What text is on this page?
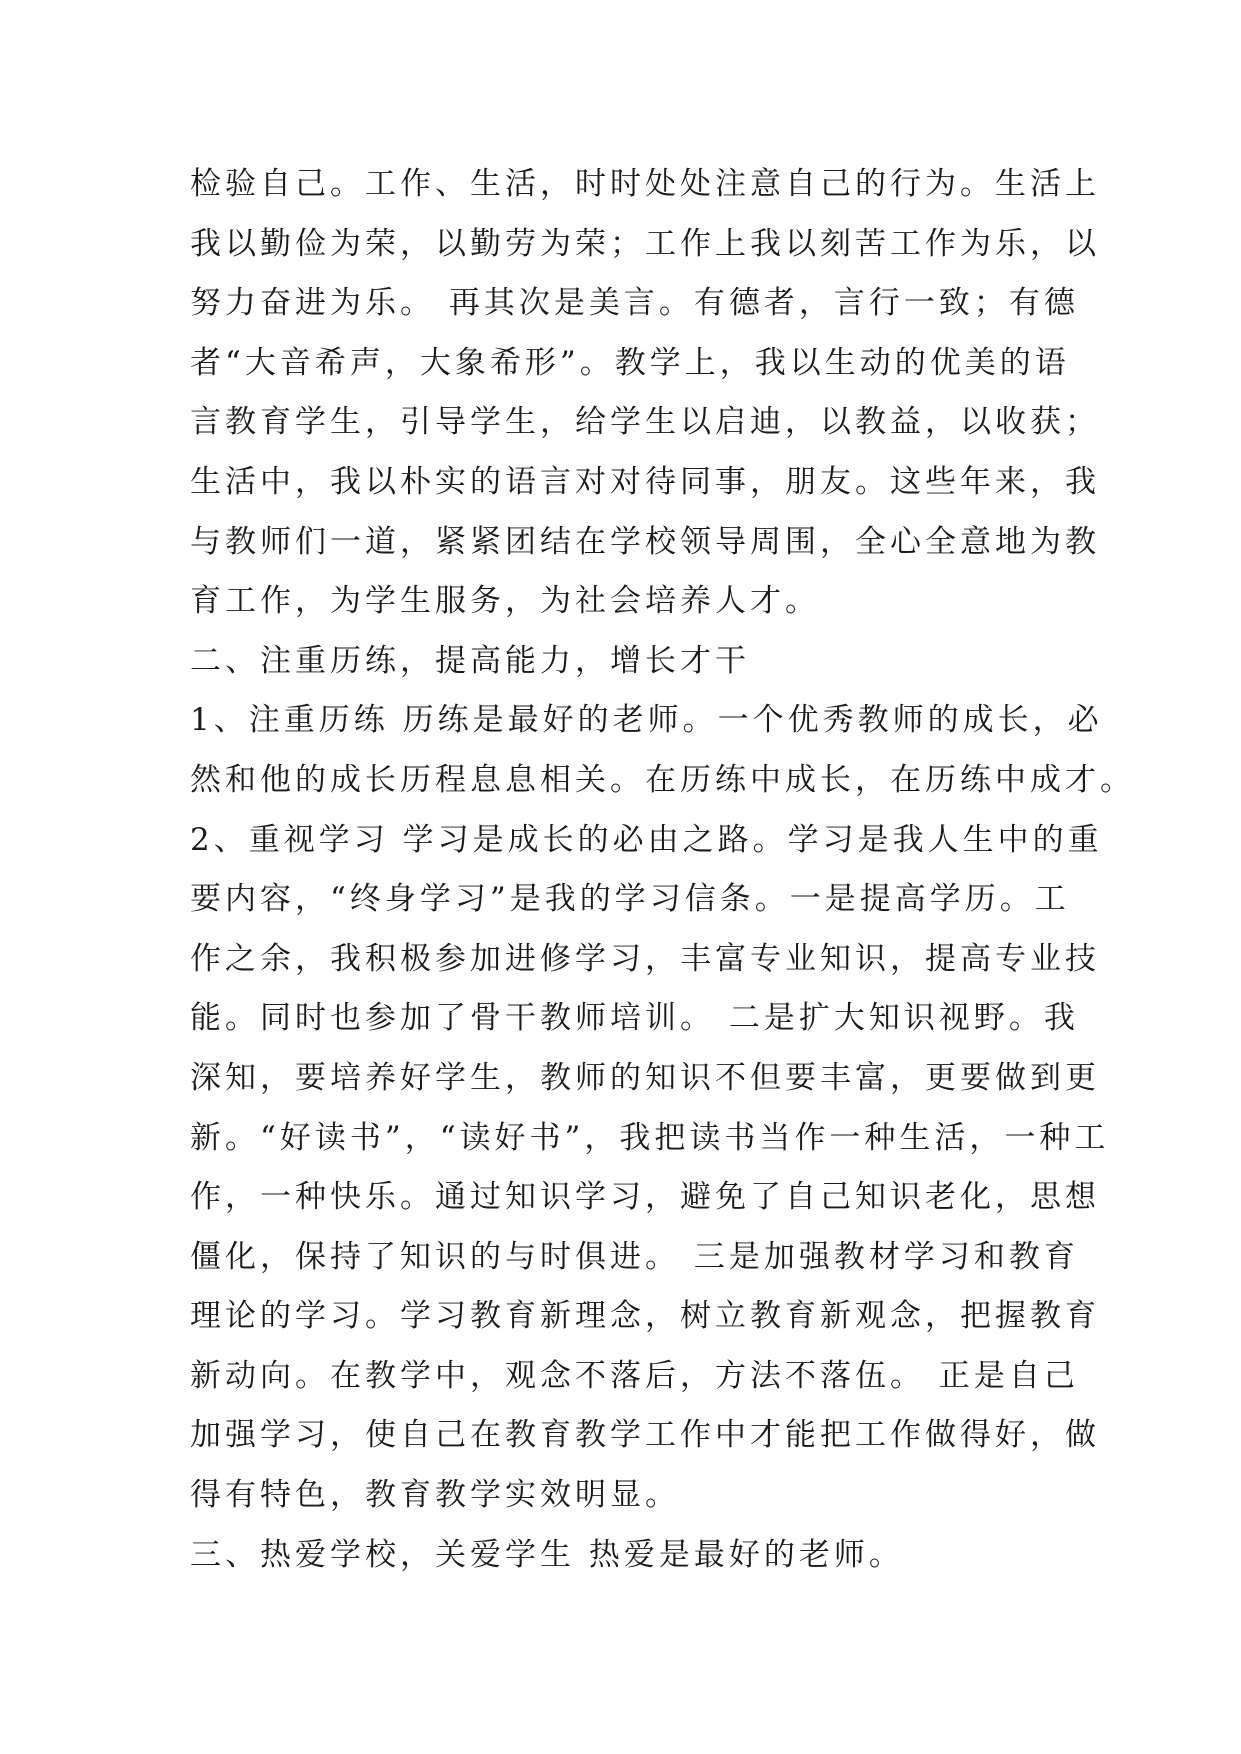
检验自己。工作、生活，时时处处注意自己的行为。生活上
我以勤俭为荣，以勤劳为荣；工作上我以刻苦工作为乐，以
努力奋进为乐。 再其次是美言。有德者，言行一致；有德
者“大音希声，大象希形”。教学上，我以生动的优美的语
言教育学生，引导学生，给学生以启迪，以教益，以收获；
生活中，我以朴实的语言对对待同事，朋友。这些年来，我
与教师们一道，紧紧团结在学校领导周围，全心全意地为教
育工作，为学生服务，为社会培养人才。
二、注重历练，提高能力，增长才干
1、注重历练 历练是最好的老师。一个优秀教师的成长，必
然和他的成长历程息息相关。在历练中成长，在历练中成才。
2、重视学习 学习是成长的必由之路。学习是我人生中的重
要内容，“终身学习”是我的学习信条。一是提高学历。工
作之余，我积极参加进修学习，丰富专业知识，提高专业技
能。同时也参加了骨干教师培训。 二是扩大知识视野。我
深知，要培养好学生，教师的知识不但要丰富，更要做到更
新。“好读书”，“读好书”，我把读书当作一种生活，一种工
作，一种快乐。通过知识学习，避免了自己知识老化，思想
僵化，保持了知识的与时俱进。 三是加强教材学习和教育
理论的学习。学习教育新理念，树立教育新观念，把握教育
新动向。在教学中，观念不落后，方法不落伍。 正是自己
加强学习，使自己在教育教学工作中才能把工作做得好，做
得有特色，教育教学实效明显。
三、热爱学校，关爱学生 热爱是最好的老师。
